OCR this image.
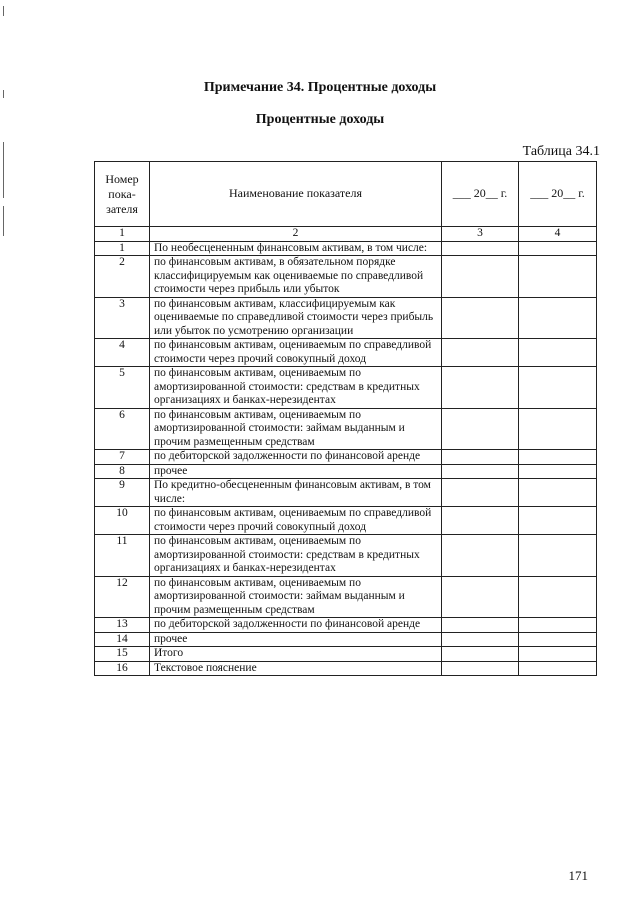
Примечание 34. Процентные доходы
Процентные доходы
Таблица 34.1
Номер пока- зателя	Наименование показателя	___ 20__ г.	___ 20__ г.
1	2	3	4
1	По необесцененным финансовым активам, в том числе:		
2	по финансовым активам, в обязательном порядке классифицируемым как оцениваемые по справедливой стоимости через прибыль или убыток		
3	по финансовым активам, классифицируемым как оцениваемые по справедливой стоимости через прибыль или убыток по усмотрению организации		
4	по финансовым активам, оцениваемым по справедливой стоимости через прочий совокупный доход		
5	по финансовым активам, оцениваемым по амортизированной стоимости: средствам в кредитных организациях и банках-нерезидентах		
6	по финансовым активам, оцениваемым по амортизированной стоимости: займам выданным и прочим размещенным средствам		
7	по дебиторской задолженности по финансовой аренде		
8	прочее		
9	По кредитно-обесцененным финансовым активам, в том числе:		
10	по финансовым активам, оцениваемым по справедливой стоимости через прочий совокупный доход		
11	по финансовым активам, оцениваемым по амортизированной стоимости: средствам в кредитных организациях и банках-нерезидентах		
12	по финансовым активам, оцениваемым по амортизированной стоимости: займам выданным и прочим размещенным средствам		
13	по дебиторской задолженности по финансовой аренде		
14	прочее		
15	Итого		
16	Текстовое пояснение		
171
